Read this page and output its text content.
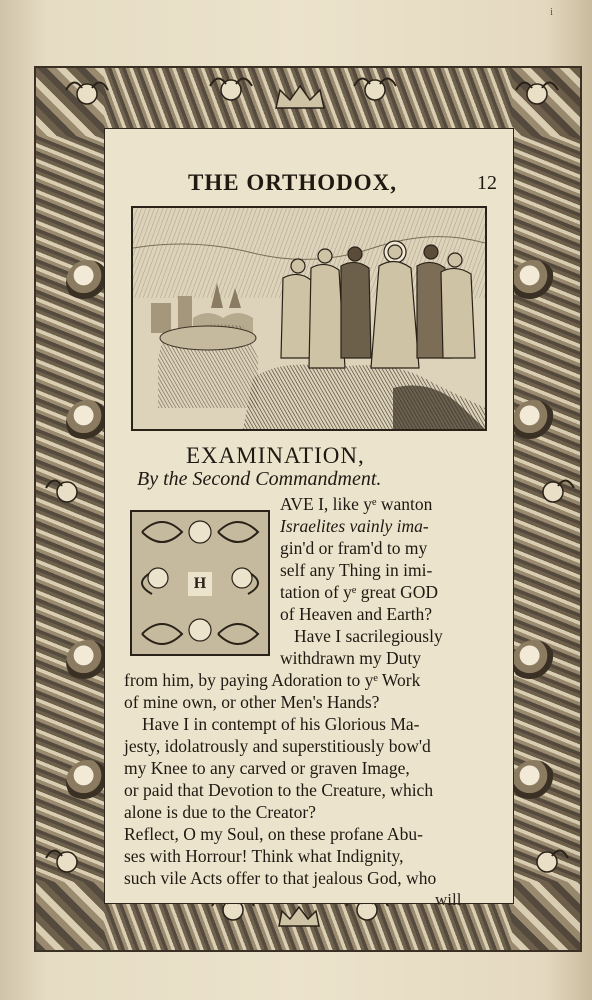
i
THE ORTHODOX,	12
EXAMINATION,
By the Second Commandment.
H
AVE I, like yᵉ wanton
Israelites vainly ima-
gin'd or fram'd to my
self any Thing in imi-
tation of yᵉ great GOD
of Heaven and Earth?
Have I sacrilegiously
withdrawn my Duty
from him, by paying Adoration to yᵉ Work
of mine own, or other Men's Hands?
Have I in contempt of his Glorious Ma-
jesty, idolatrously and superstitiously bow'd
my Knee to any carved or graven Image,
or paid that Devotion to the Creature, which
alone is due to the Creator?
Reflect, O my Soul, on these profane Abu-
ses with Horrour! Think what Indignity,
such vile Acts offer to that jealous God, who
will
